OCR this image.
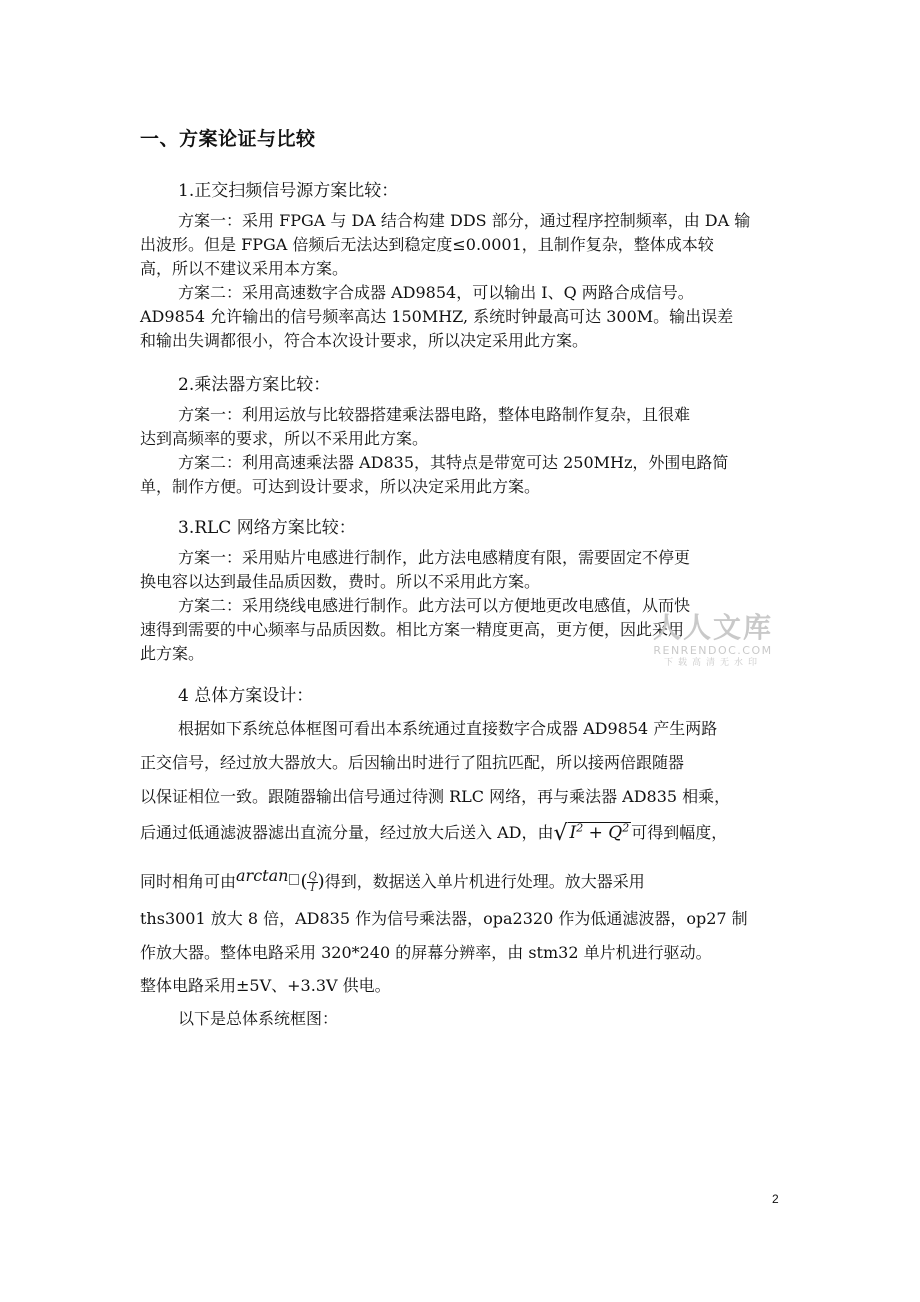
一、方案论证与比较
1.正交扫频信号源方案比较：
方案一：采用 FPGA 与 DA 结合构建 DDS 部分，通过程序控制频率，由 DA 输
出波形。但是 FPGA 倍频后无法达到稳定度≤0.0001，且制作复杂，整体成本较
高，所以不建议采用本方案。
方案二：采用高速数字合成器 AD9854，可以输出 I、Q 两路合成信号。
AD9854 允许输出的信号频率高达 150MHZ, 系统时钟最高可达 300M。输出误差
和输出失调都很小，符合本次设计要求，所以决定采用此方案。
2.乘法器方案比较：
方案一：利用运放与比较器搭建乘法器电路，整体电路制作复杂，且很难
达到高频率的要求，所以不采用此方案。
方案二：利用高速乘法器 AD835，其特点是带宽可达 250MHz，外围电路简
单，制作方便。可达到设计要求，所以决定采用此方案。
3.RLC 网络方案比较：
方案一：采用贴片电感进行制作，此方法电感精度有限，需要固定不停更
换电容以达到最佳品质因数，费时。所以不采用此方案。
方案二：采用绕线电感进行制作。此方法可以方便地更改电感值，从而快
速得到需要的中心频率与品质因数。相比方案一精度更高，更方便，因此采用
此方案。
4 总体方案设计：
根据如下系统总体框图可看出本系统通过直接数字合成器 AD9854 产生两路
正交信号，经过放大器放大。后因输出时进行了阻抗匹配，所以接两倍跟随器
以保证相位一致。跟随器输出信号通过待测 RLC 网络，再与乘法器 AD835 相乘，
后通过低通滤波器滤出直流分量，经过放大后送入 AD，由√ $I^2 + Q^2$ 可得到幅度，
同时相角可由arctan ( $\frac{Q}{I}$ )得到，数据送入单片机进行处理。放大器采用
ths3001 放大 8 倍，AD835 作为信号乘法器，opa2320 作为低通滤波器，op27 制
作放大器。整体电路采用 320*240 的屏幕分辨率，由 stm32 单片机进行驱动。
整体电路采用±5V、+3.3V 供电。
以下是总体系统框图：
人人文库
RENRENDOC.COM
下载高清无水印
2
